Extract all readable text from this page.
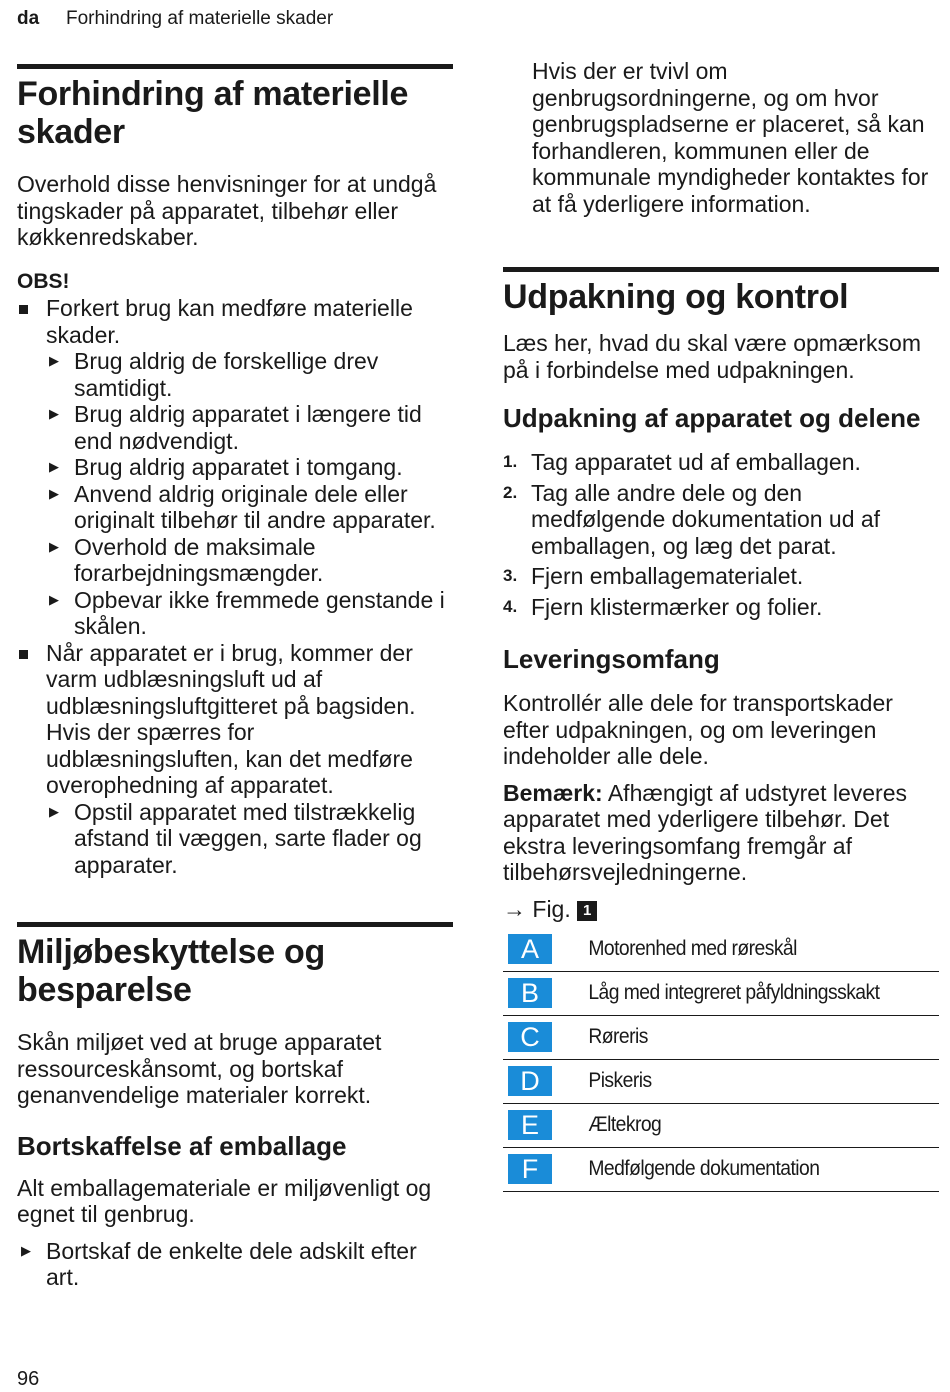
da Forhindring af materielle skader
Forhindring af materielle skader

Overhold disse henvisninger for at undgå tingskader på apparatet, tilbehør eller køkkenredskaber.

OBS!

Forkert brug kan medføre materielle skader.
▶ Brug aldrig de forskellige drev samtidigt.
▶ Brug aldrig apparatet i længere tid end nødvendigt.
▶ Brug aldrig apparatet i tomgang.
▶ Anvend aldrig originale dele eller originalt tilbehør til andre apparater.
▶ Overhold de maksimale forarbejdningsmængder.
▶ Opbevar ikke fremmede genstande i skålen.
Når apparatet er i brug, kommer der varm udblæsningsluft ud af udblæsningsluftgitteret på bagsiden. Hvis der spærres for udblæsningsluften, kan det medføre overophedning af apparatet.
▶ Opstil apparatet med tilstrækkelig afstand til væggen, sarte flader og apparater.
Miljøbeskyttelse og besparelse

Skån miljøet ved at bruge apparatet ressourceskånsomt, og bortskaf genanvendelige materialer korrekt.

Bortskaffelse af emballage

Alt emballagemateriale er miljøvenligt og egnet til genbrug.

▶ Bortskaf de enkelte dele adskilt efter art.

Hvis der er tvivl om genbrugsordningerne, og om hvor genbrugspladserne er placeret, så kan forhandleren, kommunen eller de kommunale myndigheder kontaktes for at få yderligere information.

Udpakning og kontrol

Læs her, hvad du skal være opmærksom på i forbindelse med udpakningen.

Udpakning af apparatet og delene
1. Tag apparatet ud af emballagen.
2. Tag alle andre dele og den medfølgende dokumentation ud af emballagen, og læg det parat.
3. Fjern emballagematerialet.
4. Fjern klistermærker og folier.
Leveringsomfang

Kontrollér alle dele for transportskader efter udpakningen, og om leveringen indeholder alle dele.

Bemærk: Afhængigt af udstyret leveres apparatet med yderligere tilbehør. Det ekstra leveringsomfang fremgår af tilbehørsvejledningerne.

→ Fig. 1
A	Motorenhed med røreskål
B	Låg med integreret påfyldningsskakt
C	Røreris
D	Piskeris
E	Æltekrog
F	Medfølgende dokumentation
96
